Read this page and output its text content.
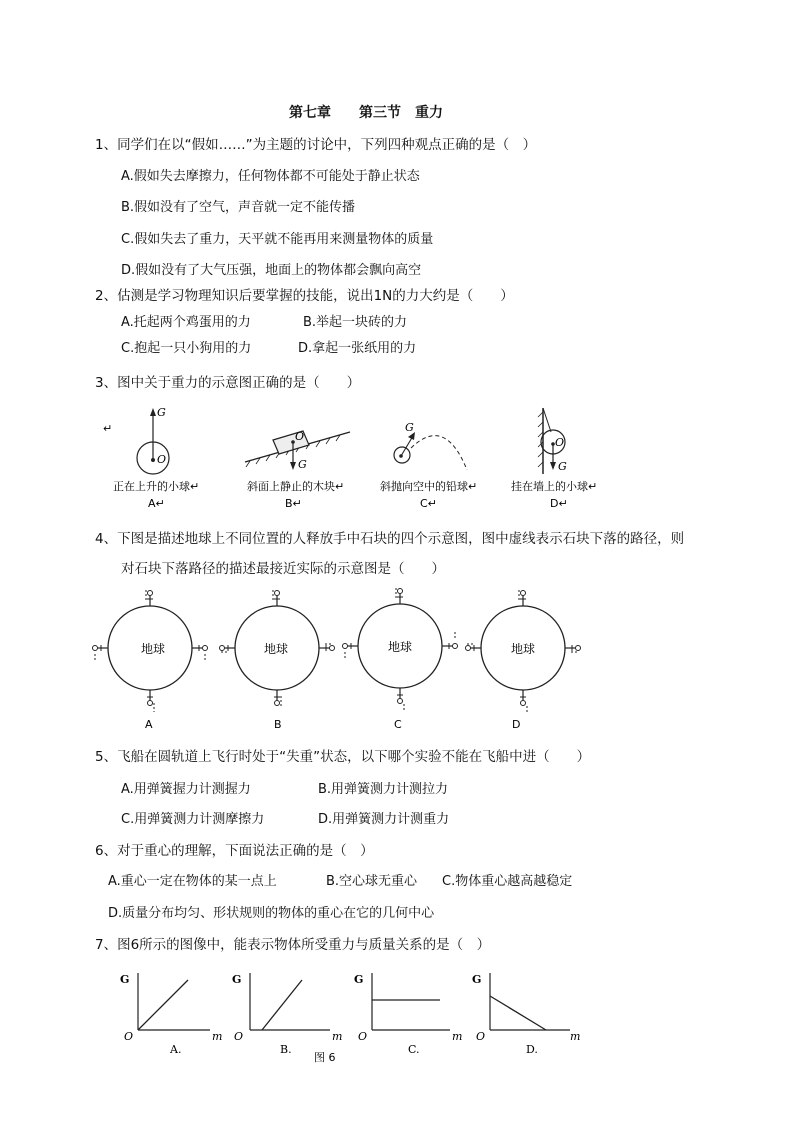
第七章　　第三节　重力
1、同学们在以“假如……”为主题的讨论中，下列四种观点正确的是（　）
A.假如失去摩擦力，任何物体都不可能处于静止状态
B.假如没有了空气，声音就一定不能传播
C.假如失去了重力，天平就不能再用来测量物体的质量
D.假如没有了大气压强，地面上的物体都会飘向高空
2、估测是学习物理知识后要掌握的技能，说出1N的力大约是（　　）
A.托起两个鸡蛋用的力	B.举起一块砖的力
C.抱起一只小狗用的力	D.拿起一张纸用的力
3、图中关于重力的示意图正确的是（　　）
↵
G
O	G
O
G
G
O
正在上升的小球↵	斜面上静止的木块↵	斜抛向空中的铅球↵	挂在墙上的小球↵
A↵	B↵	C↵	D↵
4、下图是描述地球上不同位置的人释放手中石块的四个示意图，图中虚线表示石块下落的路径，则
对石块下落路径的描述最接近实际的示意图是（　　）
地球	地球	地球	地球
A	B	C	D
5、飞船在圆轨道上飞行时处于“失重”状态，以下哪个实验不能在飞船中进（　　）
A.用弹簧握力计测握力	B.用弹簧测力计测拉力
C.用弹簧测力计测摩擦力	D.用弹簧测力计测重力
6、对于重心的理解，下面说法正确的是（　）
A.重心一定在物体的某一点上	B.空心球无重心 C.物体重心越高越稳定
D.质量分布均匀、形状规则的物体的重心在它的几何中心
7、图6所示的图像中，能表示物体所受重力与质量关系的是（　）
G
O	m
A.
G
O	m
B.
G
O	m
C.
G
O	m
D.
图 6
